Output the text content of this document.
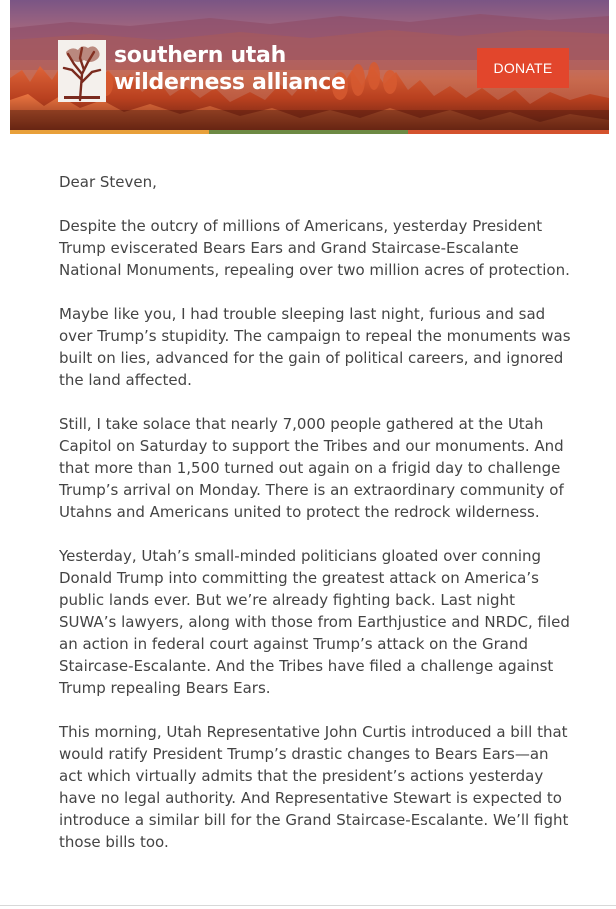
southern utah
wilderness alliance
DONATE

Dear Steven,

Despite the outcry of millions of Americans, yesterday President Trump eviscerated Bears Ears and Grand Staircase-Escalante National Monuments, repealing over two million acres of protection.

Maybe like you, I had trouble sleeping last night, furious and sad over Trump’s stupidity. The campaign to repeal the monuments was built on lies, advanced for the gain of political careers, and ignored the land affected.

Still, I take solace that nearly 7,000 people gathered at the Utah Capitol on Saturday to support the Tribes and our monuments. And that more than 1,500 turned out again on a frigid day to challenge Trump’s arrival on Monday. There is an extraordinary community of Utahns and Americans united to protect the redrock wilderness.

Yesterday, Utah’s small-minded politicians gloated over conning Donald Trump into committing the greatest attack on America’s public lands ever. But we’re already fighting back. Last night SUWA’s lawyers, along with those from Earthjustice and NRDC, filed an action in federal court against Trump’s attack on the Grand Staircase-Escalante. And the Tribes have filed a challenge against Trump repealing Bears Ears.

This morning, Utah Representative John Curtis introduced a bill that would ratify President Trump’s drastic changes to Bears Ears—an act which virtually admits that the president’s actions yesterday have no legal authority. And Representative Stewart is expected to introduce a similar bill for the Grand Staircase-Escalante. We’ll fight those bills too.
